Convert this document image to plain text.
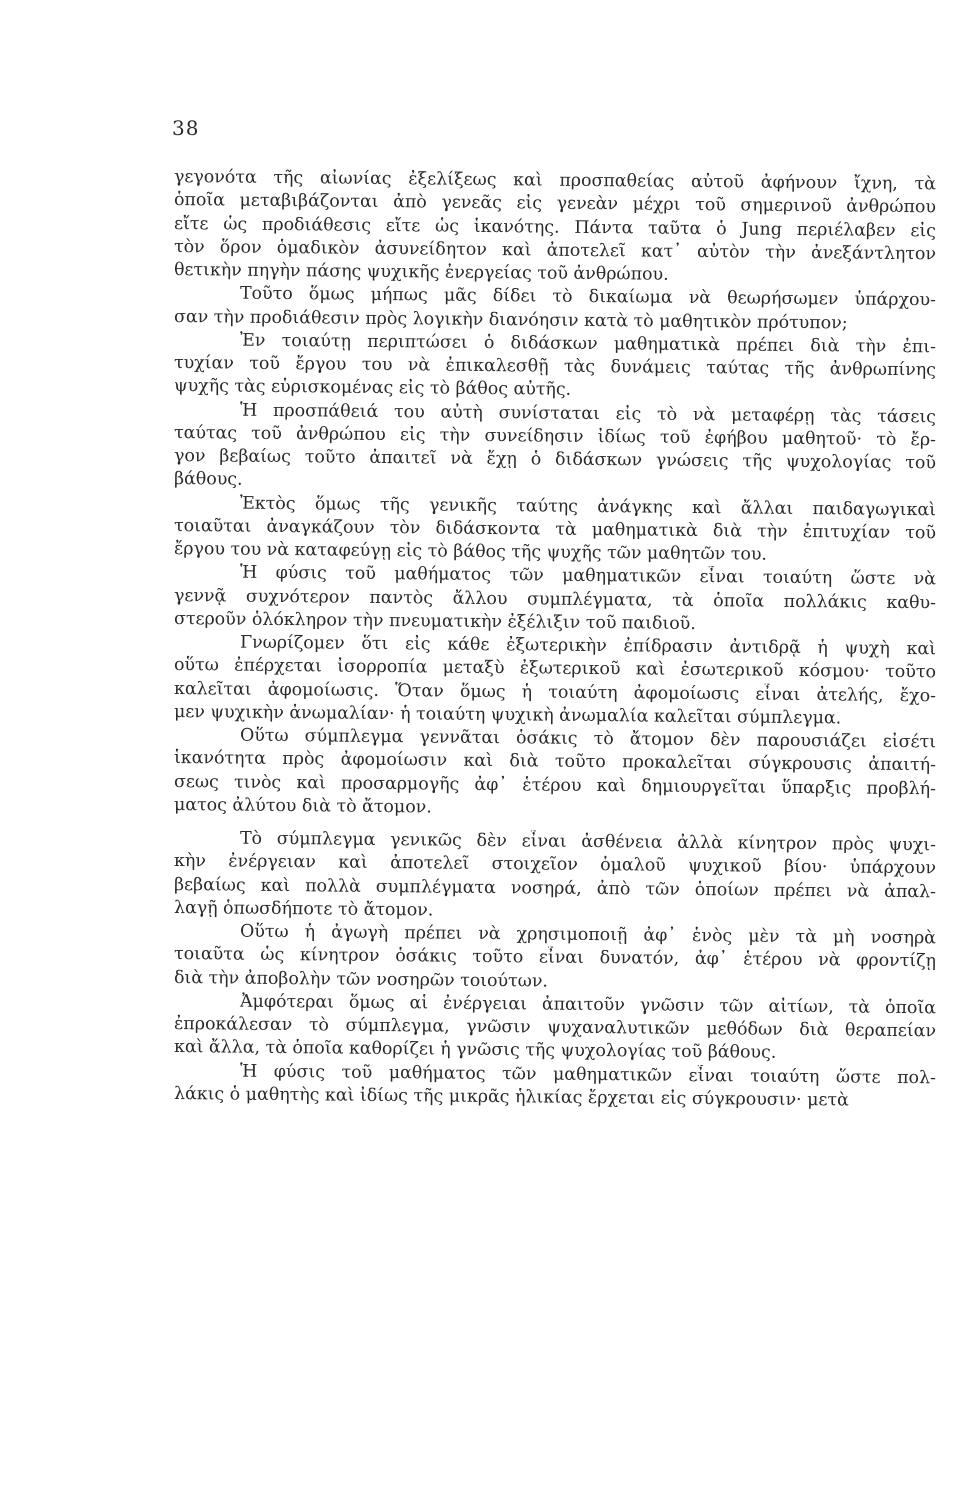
38
γεγονότα τῆς αἰωνίας ἐξελίξεως καὶ προσπαθείας αὐτοῦ ἀφήνουν ἴχνη, τὰ
ὁποῖα μεταβιβάζονται ἀπὸ γενεᾶς εἰς γενεὰν μέχρι τοῦ σημερινοῦ ἀνθρώπου
εἴτε ὡς προδιάθεσις εἴτε ὡς ἱκανότης. Πάντα ταῦτα ὁ Jung περιέλαβεν εἰς
τὸν ὅρον ὁμαδικὸν ἀσυνείδητον καὶ ἀποτελεῖ κατ᾽ αὐτὸν τὴν ἀνεξάντλητον
θετικὴν πηγὴν πάσης ψυχικῆς ἐνεργείας τοῦ ἀνθρώπου.
Τοῦτο ὅμως μήπως μᾶς δίδει τὸ δικαίωμα νὰ θεωρήσωμεν ὑπάρχου-
σαν τὴν προδιάθεσιν πρὸς λογικὴν διανόησιν κατὰ τὸ μαθητικὸν πρότυπον;
Ἐν τοιαύτῃ περιπτώσει ὁ διδάσκων μαθηματικὰ πρέπει διὰ τὴν ἐπι-
τυχίαν τοῦ ἔργου του νὰ ἐπικαλεσθῇ τὰς δυνάμεις ταύτας τῆς ἀνθρωπίνης
ψυχῆς τὰς εὑρισκομένας εἰς τὸ βάθος αὐτῆς.
Ἡ προσπάθειά του αὐτὴ συνίσταται εἰς τὸ νὰ μεταφέρῃ τὰς τάσεις
ταύτας τοῦ ἀνθρώπου εἰς τὴν συνείδησιν ἰδίως τοῦ ἐφήβου μαθητοῦ· τὸ ἔρ-
γον βεβαίως τοῦτο ἀπαιτεῖ νὰ ἔχῃ ὁ διδάσκων γνώσεις τῆς ψυχολογίας τοῦ
βάθους.
Ἐκτὸς ὅμως τῆς γενικῆς ταύτης ἀνάγκης καὶ ἄλλαι παιδαγωγικαὶ
τοιαῦται ἀναγκάζουν τὸν διδάσκοντα τὰ μαθηματικὰ διὰ τὴν ἐπιτυχίαν τοῦ
ἔργου του νὰ καταφεύγῃ εἰς τὸ βάθος τῆς ψυχῆς τῶν μαθητῶν του.
Ἡ φύσις τοῦ μαθήματος τῶν μαθηματικῶν εἶναι τοιαύτη ὥστε νὰ
γεννᾷ συχνότερον παντὸς ἄλλου συμπλέγματα, τὰ ὁποῖα πολλάκις καθυ-
στεροῦν ὁλόκληρον τὴν πνευματικὴν ἐξέλιξιν τοῦ παιδιοῦ.
Γνωρίζομεν ὅτι εἰς κάθε ἐξωτερικὴν ἐπίδρασιν ἀντιδρᾷ ἡ ψυχὴ καὶ
οὕτω ἐπέρχεται ἰσορροπία μεταξὺ ἐξωτερικοῦ καὶ ἐσωτερικοῦ κόσμου· τοῦτο
καλεῖται ἀφομοίωσις. Ὅταν ὅμως ἡ τοιαύτη ἀφομοίωσις εἶναι ἀτελής, ἔχο-
μεν ψυχικὴν ἀνωμαλίαν· ἡ τοιαύτη ψυχικὴ ἀνωμαλία καλεῖται σύμπλεγμα.
Οὕτω σύμπλεγμα γεννᾶται ὁσάκις τὸ ἄτομον δὲν παρουσιάζει εἰσέτι
ἱκανότητα πρὸς ἀφομοίωσιν καὶ διὰ τοῦτο προκαλεῖται σύγκρουσις ἀπαιτή-
σεως τινὸς καὶ προσαρμογῆς ἀφ᾽ ἑτέρου καὶ δημιουργεῖται ὕπαρξις προβλή-
ματος ἀλύτου διὰ τὸ ἄτομον.
Τὸ σύμπλεγμα γενικῶς δὲν εἶναι ἀσθένεια ἀλλὰ κίνητρον πρὸς ψυχι-
κὴν ἐνέργειαν καὶ ἀποτελεῖ στοιχεῖον ὁμαλοῦ ψυχικοῦ βίου· ὑπάρχουν
βεβαίως καὶ πολλὰ συμπλέγματα νοσηρά, ἀπὸ τῶν ὁποίων πρέπει νὰ ἀπαλ-
λαγῇ ὁπωσδήποτε τὸ ἄτομον.
Οὕτω ἡ ἀγωγὴ πρέπει νὰ χρησιμοποιῇ ἀφ᾽ ἑνὸς μὲν τὰ μὴ νοσηρὰ
τοιαῦτα ὡς κίνητρον ὁσάκις τοῦτο εἶναι δυνατόν, ἀφ᾽ ἑτέρου νὰ φροντίζῃ
διὰ τὴν ἀποβολὴν τῶν νοσηρῶν τοιούτων.
Ἀμφότεραι ὅμως αἱ ἐνέργειαι ἀπαιτοῦν γνῶσιν τῶν αἰτίων, τὰ ὁποῖα
ἐπροκάλεσαν τὸ σύμπλεγμα, γνῶσιν ψυχαναλυτικῶν μεθόδων διὰ θεραπείαν
καὶ ἄλλα, τὰ ὁποῖα καθορίζει ἡ γνῶσις τῆς ψυχολογίας τοῦ βάθους.
Ἡ φύσις τοῦ μαθήματος τῶν μαθηματικῶν εἶναι τοιαύτη ὥστε πολ-
λάκις ὁ μαθητὴς καὶ ἰδίως τῆς μικρᾶς ἡλικίας ἔρχεται εἰς σύγκρουσιν· μετὰ
